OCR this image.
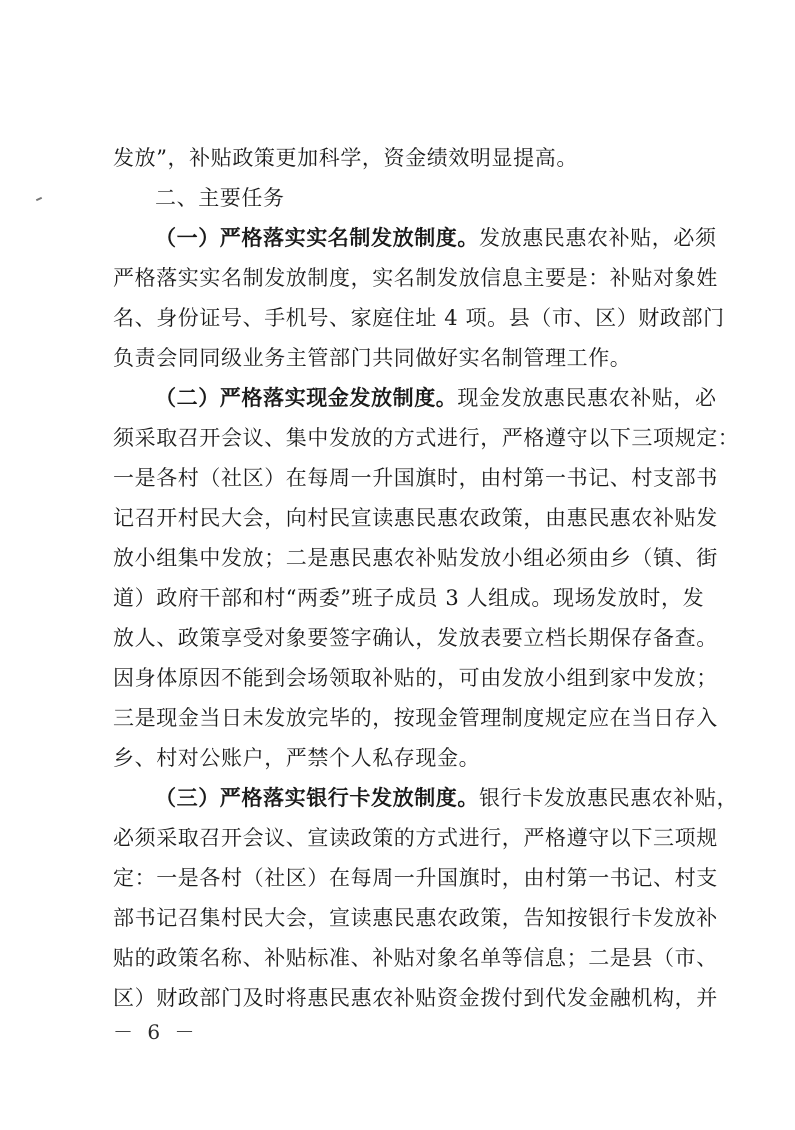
发放”，补贴政策更加科学，资金绩效明显提高。
二、主要任务
（一）严格落实实名制发放制度。发放惠民惠农补贴，必须
严格落实实名制发放制度，实名制发放信息主要是：补贴对象姓
名、身份证号、手机号、家庭住址 4 项。县（市、区）财政部门
负责会同同级业务主管部门共同做好实名制管理工作。
（二）严格落实现金发放制度。现金发放惠民惠农补贴，必
须采取召开会议、集中发放的方式进行，严格遵守以下三项规定：
一是各村（社区）在每周一升国旗时，由村第一书记、村支部书
记召开村民大会，向村民宣读惠民惠农政策，由惠民惠农补贴发
放小组集中发放；二是惠民惠农补贴发放小组必须由乡（镇、街
道）政府干部和村“两委”班子成员 3 人组成。现场发放时，发
放人、政策享受对象要签字确认，发放表要立档长期保存备查。
因身体原因不能到会场领取补贴的，可由发放小组到家中发放；
三是现金当日未发放完毕的，按现金管理制度规定应在当日存入
乡、村对公账户，严禁个人私存现金。
（三）严格落实银行卡发放制度。银行卡发放惠民惠农补贴，
必须采取召开会议、宣读政策的方式进行，严格遵守以下三项规
定：一是各村（社区）在每周一升国旗时，由村第一书记、村支
部书记召集村民大会，宣读惠民惠农政策，告知按银行卡发放补
贴的政策名称、补贴标准、补贴对象名单等信息；二是县（市、
区）财政部门及时将惠民惠农补贴资金拨付到代发金融机构，并
－ 6 －
